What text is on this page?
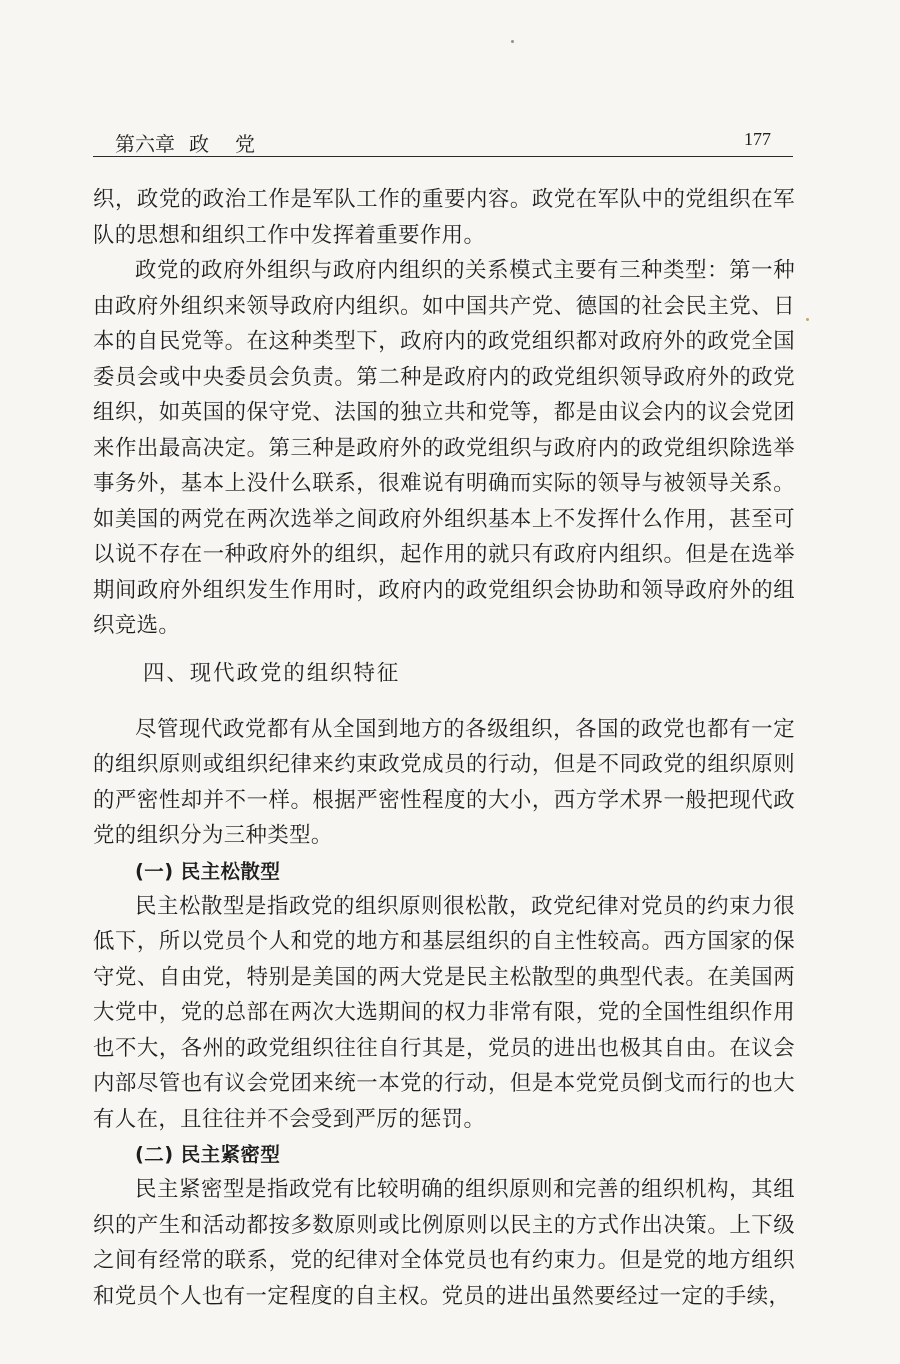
第六章 政党	177

织，政党的政治工作是军队工作的重要内容。政党在军队中的党组织在军队的思想和组织工作中发挥着重要作用。

政党的政府外组织与政府内组织的关系模式主要有三种类型：第一种由政府外组织来领导政府内组织。如中国共产党、德国的社会民主党、日本的自民党等。在这种类型下，政府内的政党组织都对政府外的政党全国委员会或中央委员会负责。第二种是政府内的政党组织领导政府外的政党组织，如英国的保守党、法国的独立共和党等，都是由议会内的议会党团来作出最高决定。第三种是政府外的政党组织与政府内的政党组织除选举事务外，基本上没什么联系，很难说有明确而实际的领导与被领导关系。如美国的两党在两次选举之间政府外组织基本上不发挥什么作用，甚至可以说不存在一种政府外的组织，起作用的就只有政府内组织。但是在选举期间政府外组织发生作用时，政府内的政党组织会协助和领导政府外的组织竞选。

四、现代政党的组织特征

尽管现代政党都有从全国到地方的各级组织，各国的政党也都有一定的组织原则或组织纪律来约束政党成员的行动，但是不同政党的组织原则的严密性却并不一样。根据严密性程度的大小，西方学术界一般把现代政党的组织分为三种类型。

(一) 民主松散型

民主松散型是指政党的组织原则很松散，政党纪律对党员的约束力很低下，所以党员个人和党的地方和基层组织的自主性较高。西方国家的保守党、自由党，特别是美国的两大党是民主松散型的典型代表。在美国两大党中，党的总部在两次大选期间的权力非常有限，党的全国性组织作用也不大，各州的政党组织往往自行其是，党员的进出也极其自由。在议会内部尽管也有议会党团来统一本党的行动，但是本党党员倒戈而行的也大有人在，且往往并不会受到严厉的惩罚。

(二) 民主紧密型

民主紧密型是指政党有比较明确的组织原则和完善的组织机构，其组织的产生和活动都按多数原则或比例原则以民主的方式作出决策。上下级之间有经常的联系，党的纪律对全体党员也有约束力。但是党的地方组织和党员个人也有一定程度的自主权。党员的进出虽然要经过一定的手续，
